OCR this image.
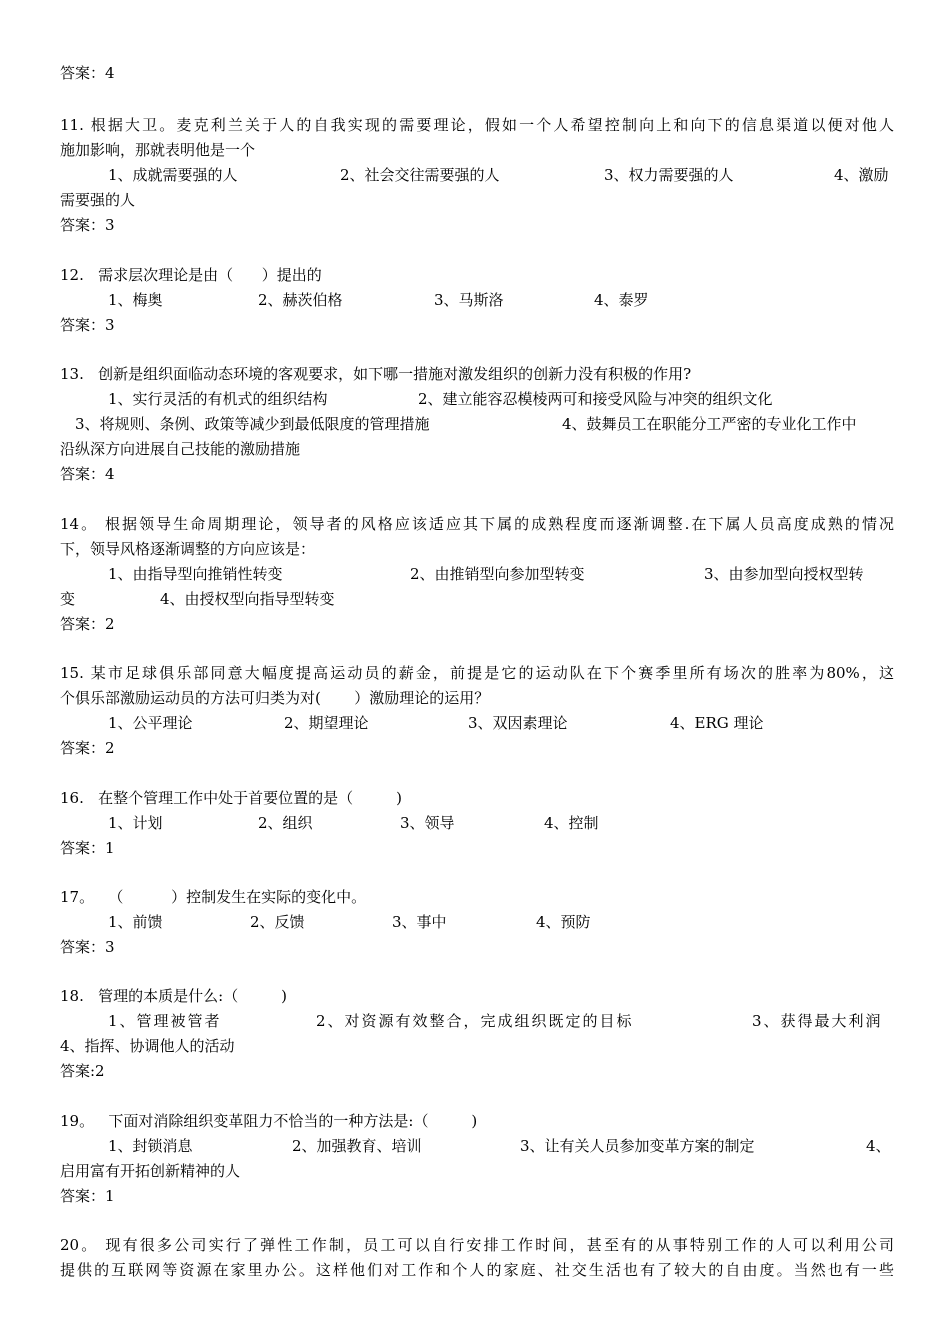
答案：4
11. 根据大卫。麦克利兰关于人的自我实现的需要理论，假如一个人希望控制向上和向下的信息渠道以便对他人
施加影响，那就表明他是一个
1、成就需要强的人	2、社会交往需要强的人	3、权力需要强的人	4、激励
需要强的人
答案：3
12.   需求层次理论是由（      ）提出的
1、梅奥	2、赫茨伯格	3、马斯洛	4、泰罗
答案：3
13.   创新是组织面临动态环境的客观要求，如下哪一措施对激发组织的创新力没有积极的作用?
1、实行灵活的有机式的组织结构	2、建立能容忍模棱两可和接受风险与冲突的组织文化
3、将规则、条例、政策等减少到最低限度的管理措施	4、鼓舞员工在职能分工严密的专业化工作中
沿纵深方向进展自己技能的激励措施
答案：4
14。 根据领导生命周期理论，领导者的风格应该适应其下属的成熟程度而逐渐调整.在下属人员高度成熟的情况
下，领导风格逐渐调整的方向应该是：
1、由指导型向推销性转变	2、由推销型向参加型转变	3、由参加型向授权型转
变	4、由授权型向指导型转变
答案：2
15. 某市足球俱乐部同意大幅度提高运动员的薪金，前提是它的运动队在下个赛季里所有场次的胜率为80%，这
个俱乐部激励运动员的方法可归类为对(       ）激励理论的运用？
1、公平理论	2、期望理论	3、双因素理论	4、ERG 理论
答案：2
16.   在整个管理工作中处于首要位置的是（         )
1、计划	2、组织	3、领导	4、控制
答案：1
17。   （          ）控制发生在实际的变化中。
1、前馈	2、反馈	3、事中	4、预防
答案：3
18.   管理的本质是什么:（         )
1、管理被管者	2、对资源有效整合，完成组织既定的目标	3、获得最大利润
4、指挥、协调他人的活动
答案:2
19。   下面对消除组织变革阻力不恰当的一种方法是:（         )
1、封锁消息	2、加强教育、培训	3、让有关人员参加变革方案的制定	4、
启用富有开拓创新精神的人
答案：1
20。 现有很多公司实行了弹性工作制，员工可以自行安排工作时间，甚至有的从事特别工作的人可以利用公司
提供的互联网等资源在家里办公。这样他们对工作和个人的家庭、社交生活也有了较大的自由度。当然也有一些
